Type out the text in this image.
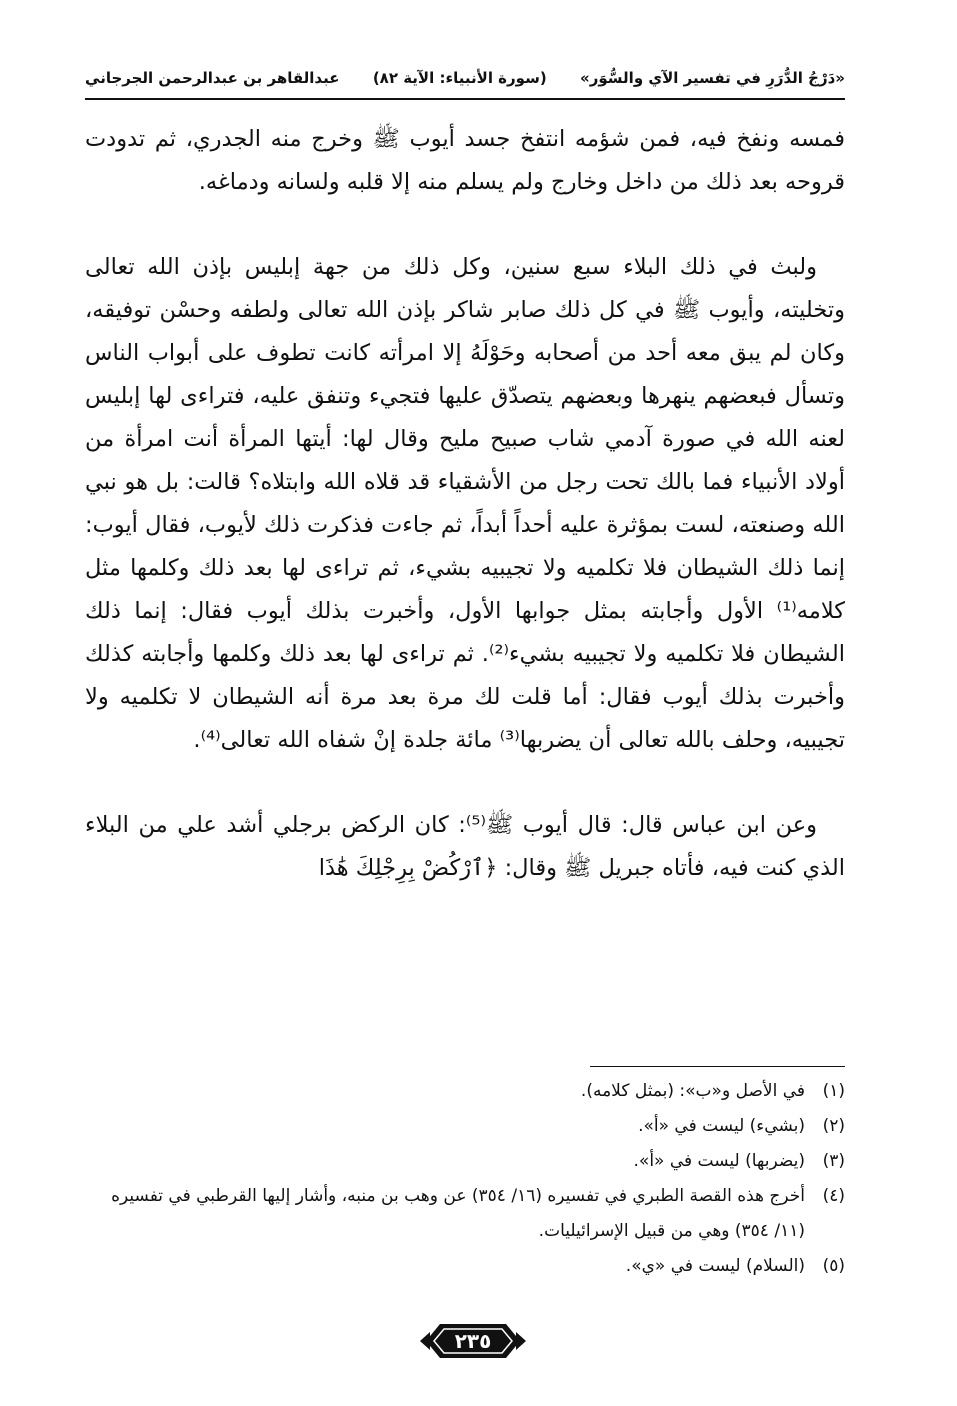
«دَرْجُ الدُّرَرِ في تفسير الآي والسُّوَر»
(سورة الأنبياء: الآية ٨٢)
عبدالقاهر بن عبدالرحمن الجرجاني

فمسه ونفخ فيه، فمن شؤمه انتفخ جسد أيوب ﷺ وخرج منه الجدري، ثم تدودت قروحه بعد ذلك من داخل وخارج ولم يسلم منه إلا قلبه ولسانه ودماغه.

ولبث في ذلك البلاء سبع سنين، وكل ذلك من جهة إبليس بإذن الله تعالى وتخليته، وأيوب ﷺ في كل ذلك صابر شاكر بإذن الله تعالى ولطفه وحسْن توفيقه، وكان لم يبق معه أحد من أصحابه وحَوْلَهُ إلا امرأته كانت تطوف على أبواب الناس وتسأل فبعضهم ينهرها وبعضهم يتصدّق عليها فتجيء وتنفق عليه، فتراءى لها إبليس لعنه الله في صورة آدمي شاب صبيح مليح وقال لها: أيتها المرأة أنت امرأة من أولاد الأنبياء فما بالك تحت رجل من الأشقياء قد قلاه الله وابتلاه؟ قالت: بل هو نبي الله وصنعته، لست بمؤثرة عليه أحداً أبداً، ثم جاءت فذكرت ذلك لأيوب، فقال أيوب: إنما ذلك الشيطان فلا تكلميه ولا تجيبيه بشيء، ثم تراءى لها بعد ذلك وكلمها مثل كلامه⁽¹⁾ الأول وأجابته بمثل جوابها الأول، وأخبرت بذلك أيوب فقال: إنما ذلك الشيطان فلا تكلميه ولا تجيبيه بشيء⁽²⁾. ثم تراءى لها بعد ذلك وكلمها وأجابته كذلك وأخبرت بذلك أيوب فقال: أما قلت لك مرة بعد مرة أنه الشيطان لا تكلميه ولا تجيبيه، وحلف بالله تعالى أن يضربها⁽³⁾ مائة جلدة إنْ شفاه الله تعالى⁽⁴⁾.

وعن ابن عباس قال: قال أيوب ﷺ⁽⁵⁾: كان الركض برجلي أشد علي من البلاء الذي كنت فيه، فأتاه جبريل ﷺ وقال: ﴿ٱرْكُضْ بِرِجْلِكَ هَٰذَا

(١)
في الأصل و«ب»: (بمثل كلامه).
(٢)
(بشيء) ليست في «أ».
(٣)
(يضربها) ليست في «أ».
(٤)
أخرج هذه القصة الطبري في تفسيره (١٦/ ٣٥٤) عن وهب بن منبه، وأشار إليها القرطبي في تفسيره (١١/ ٣٥٤) وهي من قبيل الإسرائيليات.
(٥)
(السلام) ليست في «ي».
٢٣٥
